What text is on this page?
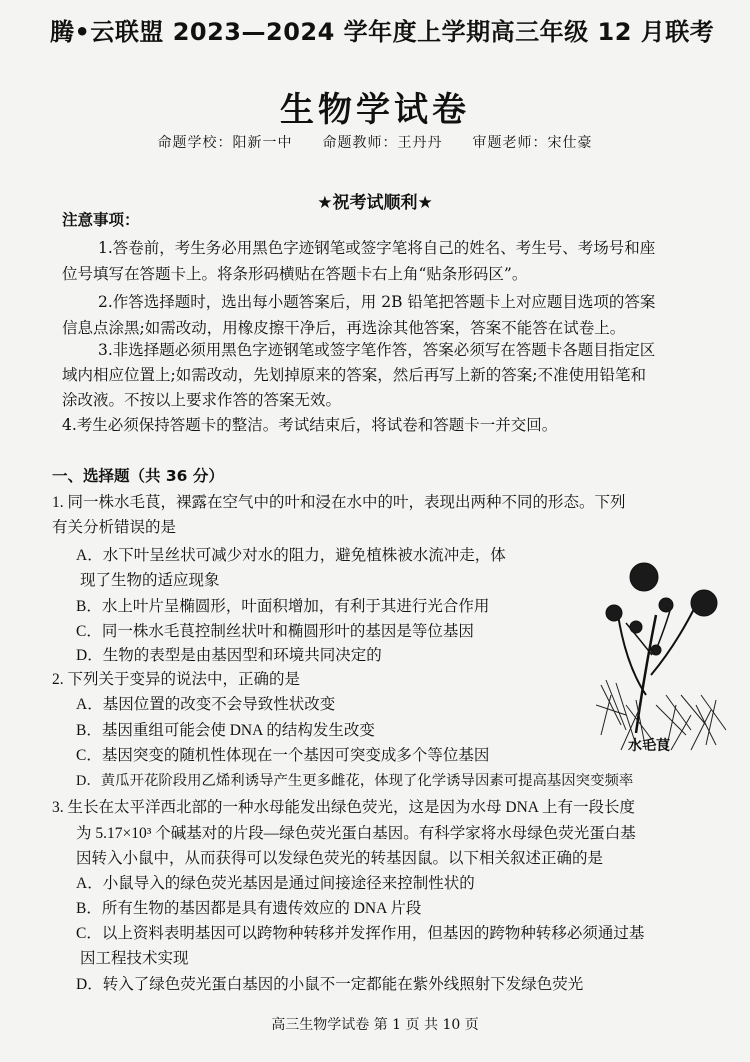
腾•云联盟 2023—2024 学年度上学期高三年级 12 月联考
生物学试卷
命题学校：阳新一中　　命题教师：王丹丹　　审题老师：宋仕豪
★祝考试顺利★
注意事项：
1.答卷前，考生务必用黑色字迹钢笔或签字笔将自己的姓名、考生号、考场号和座
位号填写在答题卡上。将条形码横贴在答题卡右上角“贴条形码区”。
2.作答选择题时，选出每小题答案后，用 2B 铅笔把答题卡上对应题目选项的答案
信息点涂黑;如需改动，用橡皮擦干净后，再选涂其他答案，答案不能答在试卷上。
3.非选择题必须用黑色字迹钢笔或签字笔作答，答案必须写在答题卡各题目指定区
域内相应位置上;如需改动，先划掉原来的答案，然后再写上新的答案;不准使用铅笔和
涂改液。不按以上要求作答的答案无效。
4.考生必须保持答题卡的整洁。考试结束后，将试卷和答题卡一并交回。
一、选择题（共 36 分）
1. 同一株水毛茛，裸露在空气中的叶和浸在水中的叶，表现出两种不同的形态。下列
有关分析错误的是
A．水下叶呈丝状可减少对水的阻力，避免植株被水流冲走，体
现了生物的适应现象
B．水上叶片呈椭圆形，叶面积增加，有利于其进行光合作用
C．同一株水毛茛控制丝状叶和椭圆形叶的基因是等位基因
D．生物的表型是由基因型和环境共同决定的
2. 下列关于变异的说法中，正确的是
A．基因位置的改变不会导致性状改变
B．基因重组可能会使 DNA 的结构发生改变
C．基因突变的随机性体现在一个基因可突变成多个等位基因
D．黄瓜开花阶段用乙烯利诱导产生更多雌花，体现了化学诱导因素可提高基因突变频率
3. 生长在太平洋西北部的一种水母能发出绿色荧光，这是因为水母 DNA 上有一段长度
为 5.17×10³ 个碱基对的片段—绿色荧光蛋白基因。有科学家将水母绿色荧光蛋白基
因转入小鼠中，从而获得可以发绿色荧光的转基因鼠。以下相关叙述正确的是
A．小鼠导入的绿色荧光基因是通过间接途径来控制性状的
B．所有生物的基因都是具有遗传效应的 DNA 片段
C．以上资料表明基因可以跨物种转移并发挥作用，但基因的跨物种转移必须通过基
因工程技术实现
D．转入了绿色荧光蛋白基因的小鼠不一定都能在紫外线照射下发绿色荧光
水毛茛
高三生物学试卷 第 1 页 共 10 页
